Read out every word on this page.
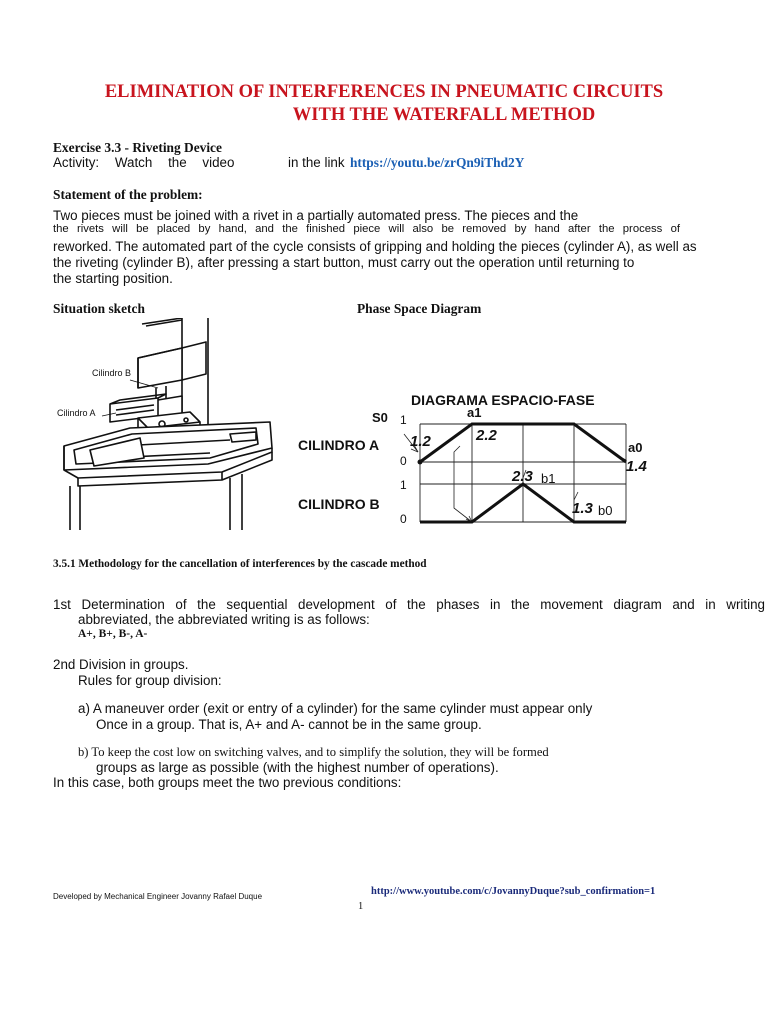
ELIMINATION OF INTERFERENCES IN PNEUMATIC CIRCUITS
WITH THE WATERFALL METHOD
Exercise 3.3 - Riveting Device
Activity: Watch the video	in the link https://youtu.be/zrQn9iThd2Y
Statement of the problem:
Two pieces must be joined with a rivet in a partially automated press. The pieces and the
the rivets will be placed by hand, and the finished piece will also be removed by hand after the process of
reworked. The automated part of the cycle consists of gripping and holding the pieces (cylinder A), as well as
the riveting (cylinder B), after pressing a start button, must carry out the operation until returning to
the starting position.
Situation sketch	Phase Space Diagram
Cilindro B
Cilindro A
DIAGRAMA ESPACIO-FASE
S0 1	a1
CILINDRO A 1.2	2.2
0
a0
1.4
2.3 b1
1
CILINDRO B	1.3 b0
0
3.5.1 Methodology for the cancellation of interferences by the cascade method
1st Determination of the sequential development of the phases in the movement diagram and in writing
abbreviated, the abbreviated writing is as follows:
A+, B+, B-, A-
2nd Division in groups.
Rules for group division:
a) A maneuver order (exit or entry of a cylinder) for the same cylinder must appear only
Once in a group. That is, A+ and A- cannot be in the same group.
b) To keep the cost low on switching valves, and to simplify the solution, they will be formed
groups as large as possible (with the highest number of operations).
In this case, both groups meet the two previous conditions:
Developed by Mechanical Engineer Jovanny Rafael Duque	http://www.youtube.com/c/JovannyDuque?sub_confirmation=1
1
